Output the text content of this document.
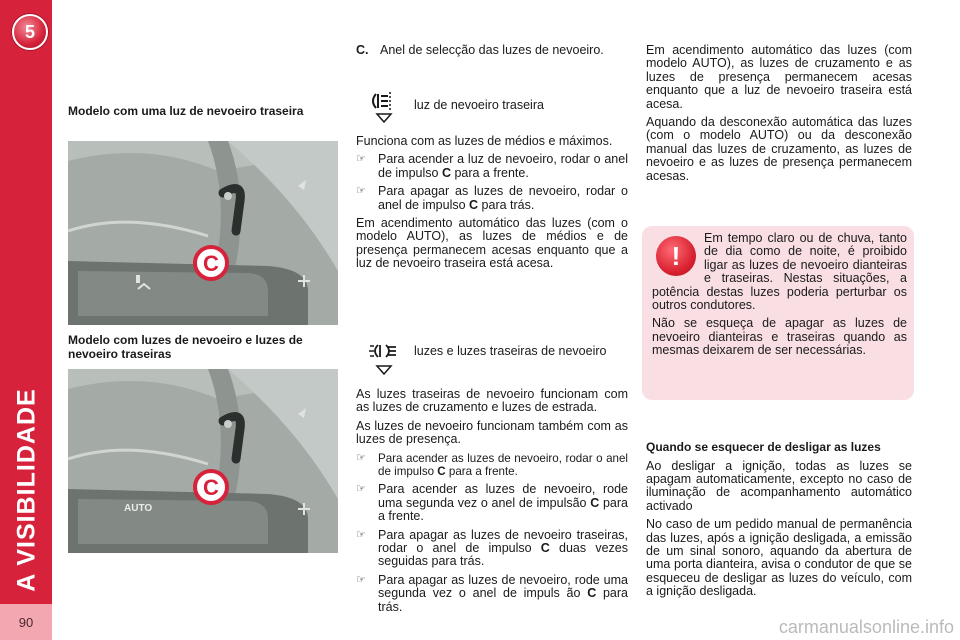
5
A VISIBILIDADE
90
Modelo com uma luz de nevoeiro traseira
C
Modelo com luzes de nevoeiro e luzes de nevoeiro traseiras
C
AUTO
C. Anel de selecção das luzes de nevoeiro.
luz de nevoeiro traseira

Funciona com as luzes de médios e máximos.

☞ Para acender a luz de nevoeiro, rodar o anel de impulso C para a frente.
☞ Para apagar as luzes de nevoeiro, rodar o anel de impulso C para trás.

Em acendimento automático das luzes (com o modelo AUTO), as luzes de médios e de presença permanecem acesas enquanto que a luz de nevoeiro traseira está acesa.

luzes e luzes traseiras de nevoeiro

As luzes traseiras de nevoeiro funcionam com as luzes de cruzamento e luzes de estrada.

As luzes de nevoeiro funcionam também com as luzes de presença.

☞	Para acender as luzes de nevoeiro, rodar o anel de impulso C para a frente.
☞ Para acender as luzes de nevoeiro, rode uma segunda vez o anel de impulsão C para a frente.
☞ Para apagar as luzes de nevoeiro traseiras, rodar o anel de impulso C duas vezes seguidas para trás.
☞ Para apagar as luzes de nevoeiro, rode uma segunda vez o anel de impuls ão C para trás.

Em acendimento automático das luzes (com modelo AUTO), as luzes de cruzamento e as luzes de presença permanecem acesas enquanto que a luz de nevoeiro traseira está acesa.

Aquando da desconexão automática das luzes (com o modelo AUTO) ou da desconexão manual das luzes de cruzamento, as luzes de nevoeiro e as luzes de presença permanecem acesas.

Em tempo claro ou de chuva, tanto de dia como de noite, é proibido ligar as luzes de nevoeiro dianteiras e traseiras. Nestas situações, a potência destas luzes poderia perturbar os outros condutores.

Não se esqueça de apagar as luzes de nevoeiro dianteiras e traseiras quando as mesmas deixarem de ser necessárias.

!
Quando se esquecer de desligar as luzes

Ao desligar a ignição, todas as luzes se apagam automaticamente, excepto no caso de iluminação de acompanhamento automático activado

No caso de um pedido manual de permanência das luzes, após a ignição desligada, a emissão de um sinal sonoro, aquando da abertura de uma porta dianteira, avisa o condutor de que se esqueceu de desligar as luzes do veículo, com a ignição desligada.

carmanualsonline.info
